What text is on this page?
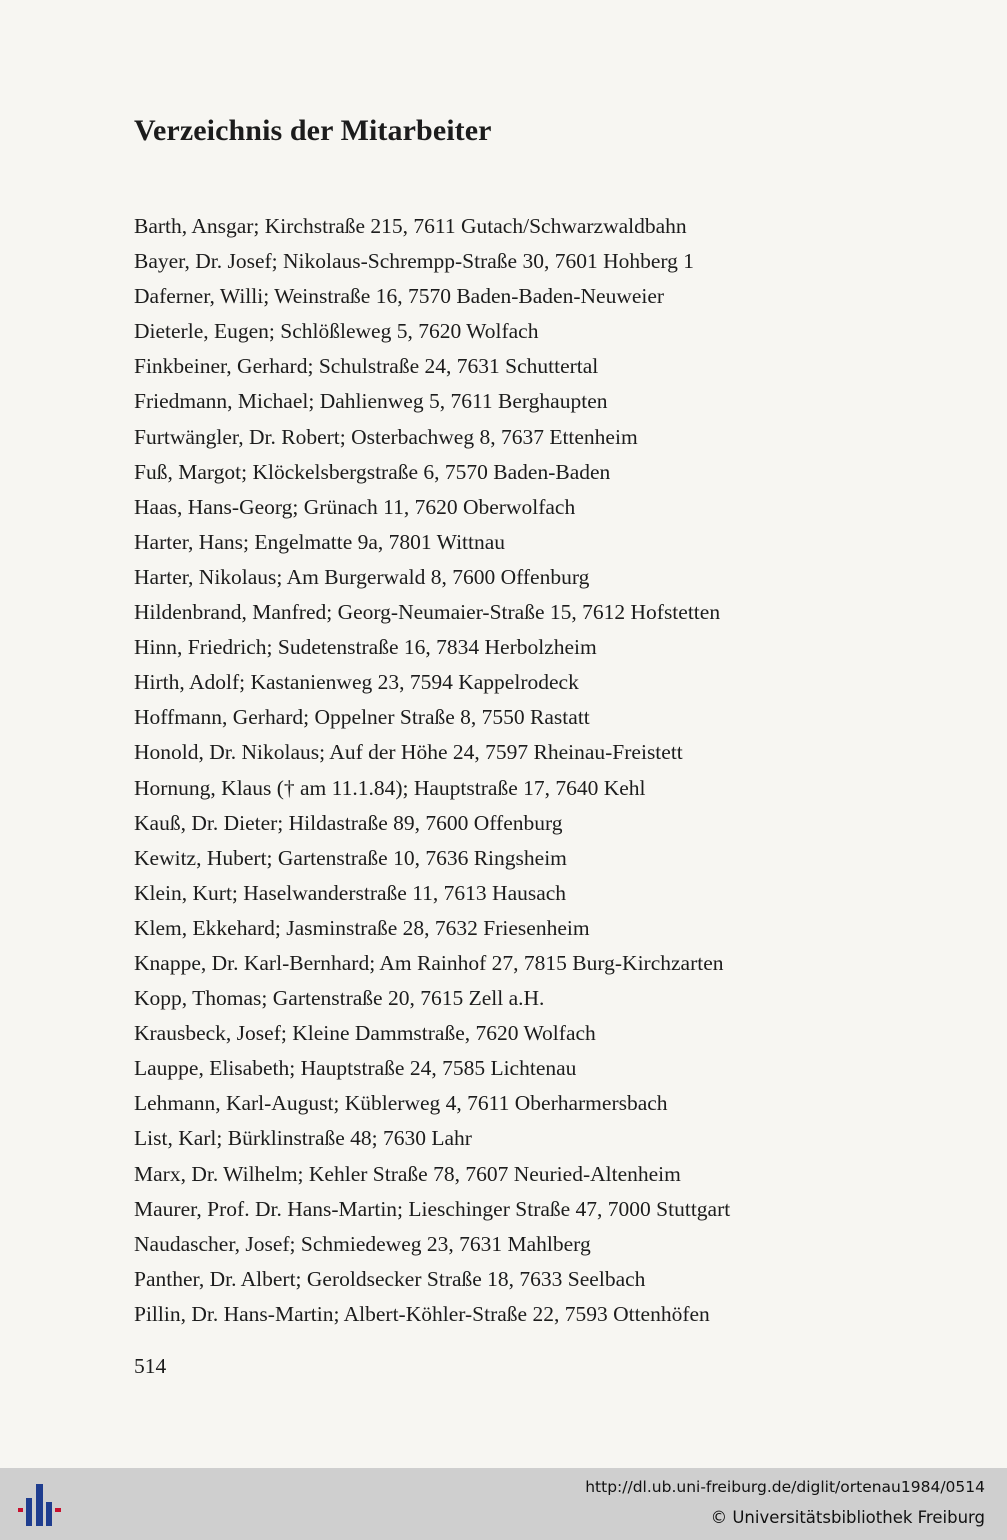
Verzeichnis der Mitarbeiter
Barth, Ansgar; Kirchstraße 215, 7611 Gutach/Schwarzwaldbahn
Bayer, Dr. Josef; Nikolaus-Schrempp-Straße 30, 7601 Hohberg 1
Daferner, Willi; Weinstraße 16, 7570 Baden-Baden-Neuweier
Dieterle, Eugen; Schlößleweg 5, 7620 Wolfach
Finkbeiner, Gerhard; Schulstraße 24, 7631 Schuttertal
Friedmann, Michael; Dahlienweg 5, 7611 Berghaupten
Furtwängler, Dr. Robert; Osterbachweg 8, 7637 Ettenheim
Fuß, Margot; Klöckelsbergstraße 6, 7570 Baden-Baden
Haas, Hans-Georg; Grünach 11, 7620 Oberwolfach
Harter, Hans; Engelmatte 9a, 7801 Wittnau
Harter, Nikolaus; Am Burgerwald 8, 7600 Offenburg
Hildenbrand, Manfred; Georg-Neumaier-Straße 15, 7612 Hofstetten
Hinn, Friedrich; Sudetenstraße 16, 7834 Herbolzheim
Hirth, Adolf; Kastanienweg 23, 7594 Kappelrodeck
Hoffmann, Gerhard; Oppelner Straße 8, 7550 Rastatt
Honold, Dr. Nikolaus; Auf der Höhe 24, 7597 Rheinau-Freistett
Hornung, Klaus († am 11.1.84); Hauptstraße 17, 7640 Kehl
Kauß, Dr. Dieter; Hildastraße 89, 7600 Offenburg
Kewitz, Hubert; Gartenstraße 10, 7636 Ringsheim
Klein, Kurt; Haselwanderstraße 11, 7613 Hausach
Klem, Ekkehard; Jasminstraße 28, 7632 Friesenheim
Knappe, Dr. Karl-Bernhard; Am Rainhof 27, 7815 Burg-Kirchzarten
Kopp, Thomas; Gartenstraße 20, 7615 Zell a.H.
Krausbeck, Josef; Kleine Dammstraße, 7620 Wolfach
Lauppe, Elisabeth; Hauptstraße 24, 7585 Lichtenau
Lehmann, Karl-August; Küblerweg 4, 7611 Oberharmersbach
List, Karl; Bürklinstraße 48; 7630 Lahr
Marx, Dr. Wilhelm; Kehler Straße 78, 7607 Neuried-Altenheim
Maurer, Prof. Dr. Hans-Martin; Lieschinger Straße 47, 7000 Stuttgart
Naudascher, Josef; Schmiedeweg 23, 7631 Mahlberg
Panther, Dr. Albert; Geroldsecker Straße 18, 7633 Seelbach
Pillin, Dr. Hans-Martin; Albert-Köhler-Straße 22, 7593 Ottenhöfen
514
http://dl.ub.uni-freiburg.de/diglit/ortenau1984/0514
© Universitätsbibliothek Freiburg
